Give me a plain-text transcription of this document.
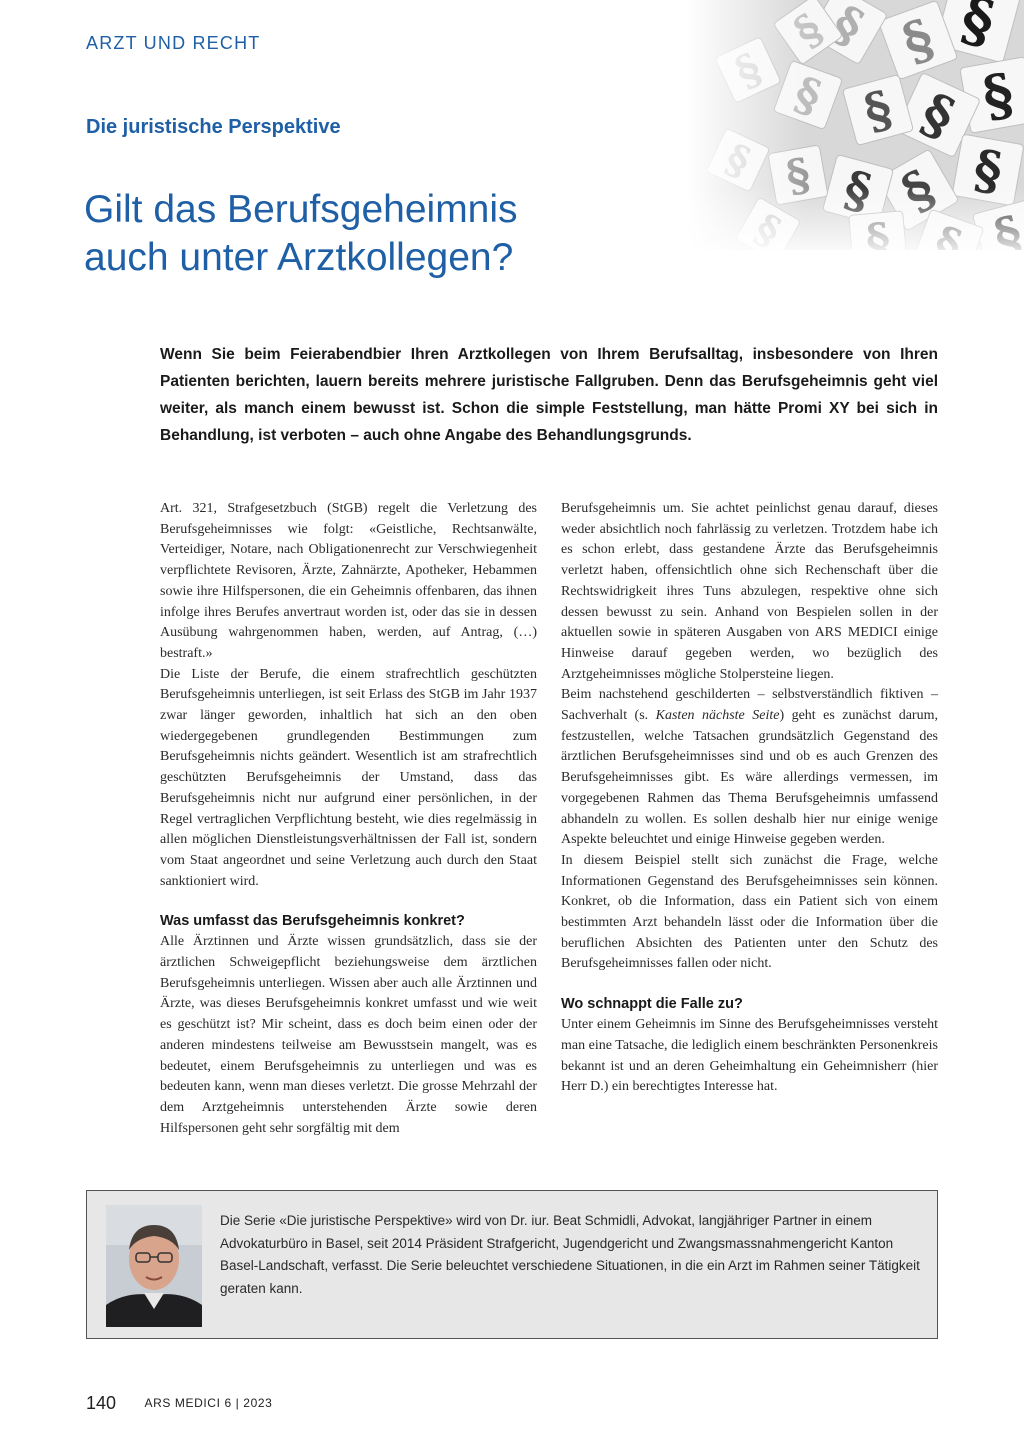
ARZT UND RECHT
Die juristische Perspektive
Gilt das Berufsgeheimnis
auch unter Arztkollegen?
Wenn Sie beim Feierabendbier Ihren Arztkollegen von Ihrem Berufsalltag, insbesondere von Ihren Patienten berichten, lauern bereits mehrere juristische Fallgruben. Denn das Berufsgeheimnis geht viel weiter, als manch einem bewusst ist. Schon die simple Feststellung, man hätte Promi XY bei sich in Behandlung, ist verboten – auch ohne Angabe des Behandlungsgrunds.

Art. 321, Strafgesetzbuch (StGB) regelt die Verletzung des Berufsgeheimnisses wie folgt: «Geistliche, Rechtsanwälte, Verteidiger, Notare, nach Obligationenrecht zur Verschwiegenheit verpflichtete Revisoren, Ärzte, Zahnärzte, Apotheker, Hebammen sowie ihre Hilfspersonen, die ein Geheimnis offenbaren, das ihnen infolge ihres Berufes anvertraut worden ist, oder das sie in dessen Ausübung wahrgenommen haben, werden, auf Antrag, (…) bestraft.»

Die Liste der Berufe, die einem strafrechtlich geschützten Berufsgeheimnis unterliegen, ist seit Erlass des StGB im Jahr 1937 zwar länger geworden, inhaltlich hat sich an den oben wiedergegebenen grundlegenden Bestimmungen zum Berufsgeheimnis nichts geändert. Wesentlich ist am strafrechtlich geschützten Berufsgeheimnis der Umstand, dass das Berufsgeheimnis nicht nur aufgrund einer persönlichen, in der Regel vertraglichen Verpflichtung besteht, wie dies regelmässig in allen möglichen Dienstleistungsverhältnissen der Fall ist, sondern vom Staat angeordnet und seine Verletzung auch durch den Staat sanktioniert wird.

Was umfasst das Berufsgeheimnis konkret?

Alle Ärztinnen und Ärzte wissen grundsätzlich, dass sie der ärztlichen Schweigepflicht beziehungsweise dem ärztlichen Berufsgeheimnis unterliegen. Wissen aber auch alle Ärztinnen und Ärzte, was dieses Berufsgeheimnis konkret umfasst und wie weit es geschützt ist? Mir scheint, dass es doch beim einen oder der anderen mindestens teilweise am Bewusstsein mangelt, was es bedeutet, einem Berufsgeheimnis zu unterliegen und was es bedeuten kann, wenn man dieses verletzt. Die grosse Mehrzahl der dem Arztgeheimnis unterstehenden Ärzte sowie deren Hilfspersonen geht sehr sorgfältig mit dem

Berufsgeheimnis um. Sie achtet peinlichst genau darauf, dieses weder absichtlich noch fahrlässig zu verletzen. Trotzdem habe ich es schon erlebt, dass gestandene Ärzte das Berufsgeheimnis verletzt haben, offensichtlich ohne sich Rechenschaft über die Rechtswidrigkeit ihres Tuns abzulegen, respektive ohne sich dessen bewusst zu sein. Anhand von Bespielen sollen in der aktuellen sowie in späteren Ausgaben von ARS MEDICI einige Hinweise darauf gegeben werden, wo bezüglich des Arztgeheimnisses mögliche Stolpersteine liegen.

Beim nachstehend geschilderten – selbstverständlich fiktiven – Sachverhalt (s. Kasten nächste Seite) geht es zunächst darum, festzustellen, welche Tatsachen grundsätzlich Gegenstand des ärztlichen Berufsgeheimnisses sind und ob es auch Grenzen des Berufsgeheimnisses gibt. Es wäre allerdings vermessen, im vorgegebenen Rahmen das Thema Berufsgeheimnis umfassend abhandeln zu wollen. Es sollen deshalb hier nur einige wenige Aspekte beleuchtet und einige Hinweise gegeben werden.

In diesem Beispiel stellt sich zunächst die Frage, welche Informationen Gegenstand des Berufsgeheimnisses sein können. Konkret, ob die Information, dass ein Patient sich von einem bestimmten Arzt behandeln lässt oder die Information über die beruflichen Absichten des Patienten unter den Schutz des Berufsgeheimnisses fallen oder nicht.

Wo schnappt die Falle zu?

Unter einem Geheimnis im Sinne des Berufsgeheimnisses versteht man eine Tatsache, die lediglich einem beschränkten Personenkreis bekannt ist und an deren Geheimhaltung ein Geheimnisherr (hier Herr D.) ein berechtigtes Interesse hat.

Die Serie «Die juristische Perspektive» wird von Dr. iur. Beat Schmidli, Advokat, langjähriger Partner in einem Advokaturbüro in Basel, seit 2014 Präsident Strafgericht, Jugendgericht und Zwangsmassnahmengericht Kanton Basel-Landschaft, verfasst. Die Serie beleuchtet verschiedene Situationen, in die ein Arzt im Rahmen seiner Tätigkeit geraten kann.
140 ARS MEDICI 6 | 2023
